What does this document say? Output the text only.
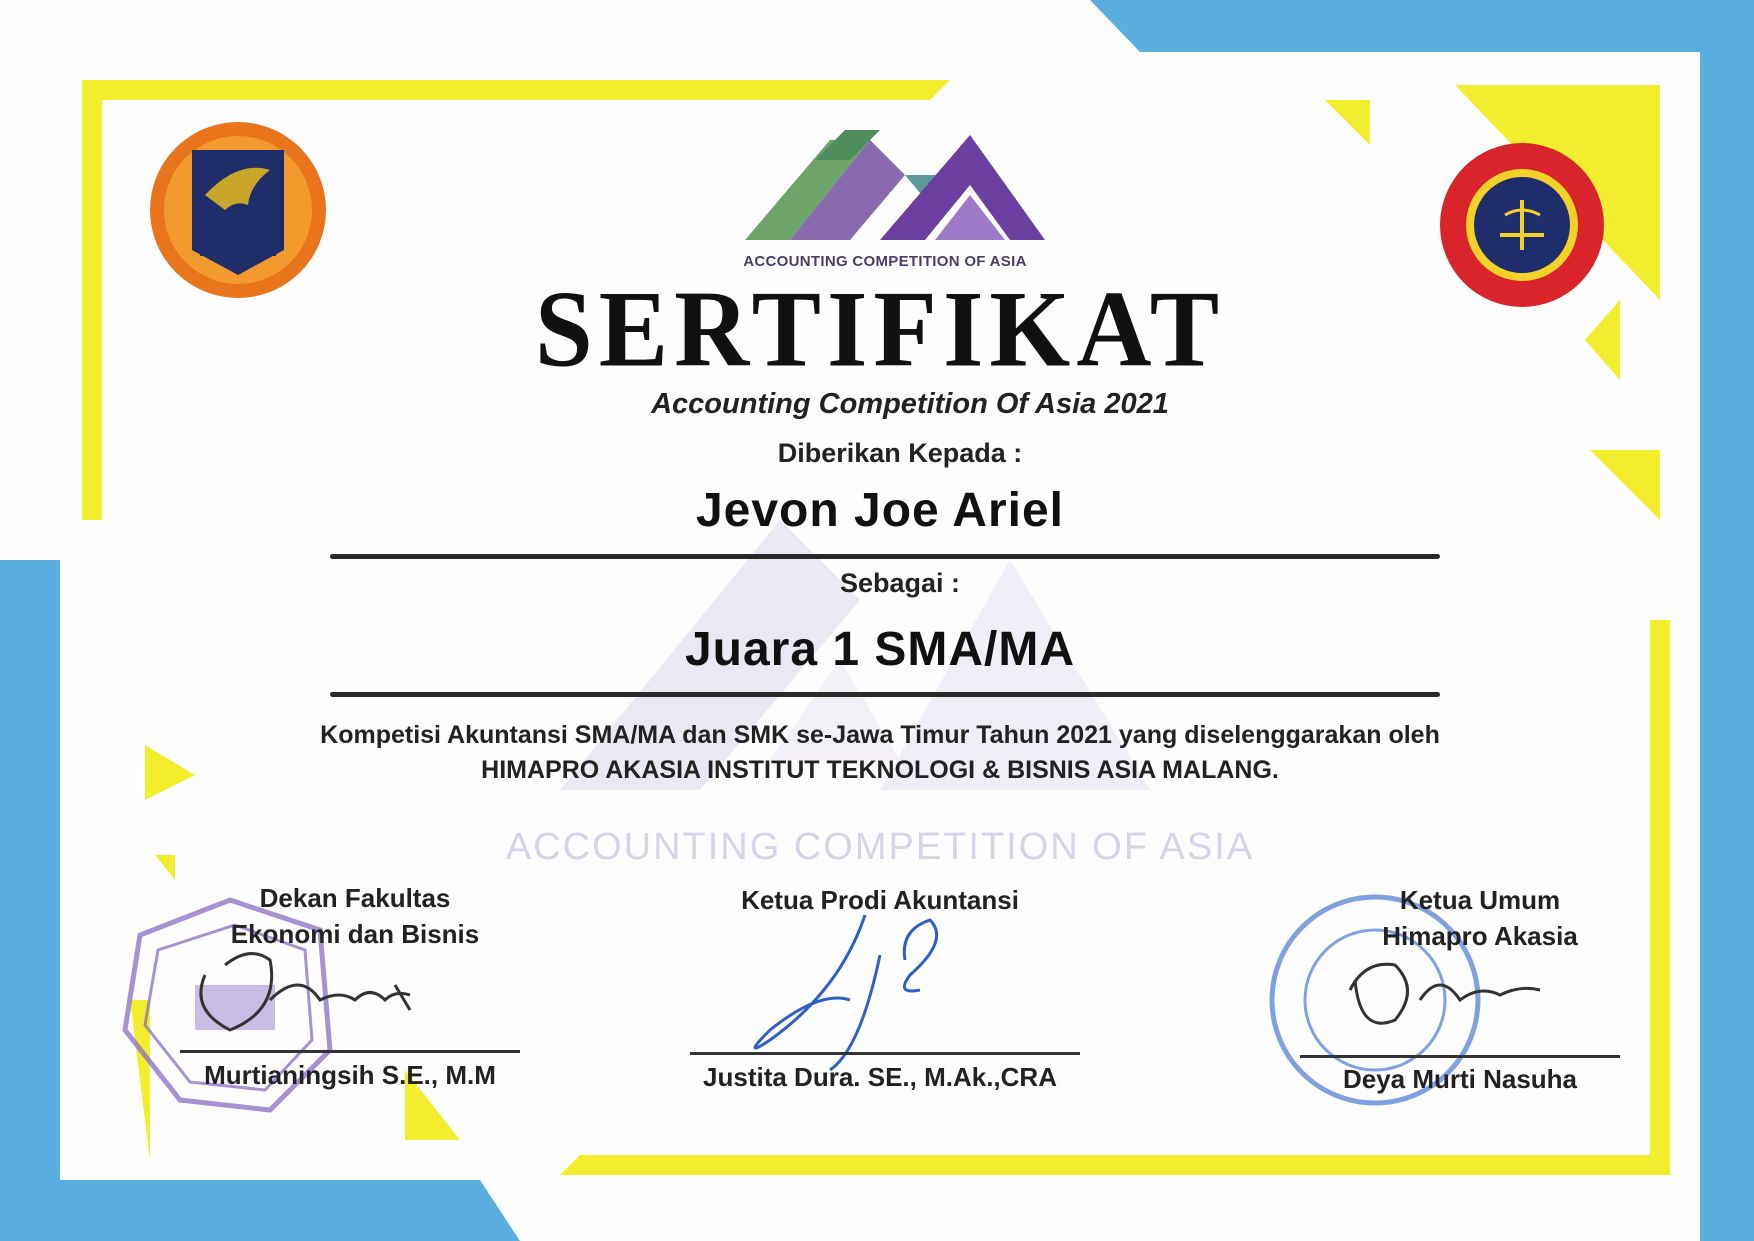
ACCOUNTING COMPETITION OF ASIA
SERTIFIKAT
Accounting Competition Of Asia 2021
Diberikan Kepada :
Jevon Joe Ariel
Sebagai :
Juara 1 SMA/MA
Kompetisi Akuntansi SMA/MA dan SMK se-Jawa Timur Tahun 2021 yang diselenggarakan oleh
HIMAPRO AKASIA INSTITUT TEKNOLOGI & BISNIS ASIA MALANG.
ACCOUNTING COMPETITION OF ASIA
Dekan Fakultas
Ekonomi dan Bisnis
Murtianingsih S.E., M.M
Ketua Prodi Akuntansi
Justita Dura. SE., M.Ak.,CRA
Ketua Umum
Himapro Akasia
Deya Murti Nasuha
